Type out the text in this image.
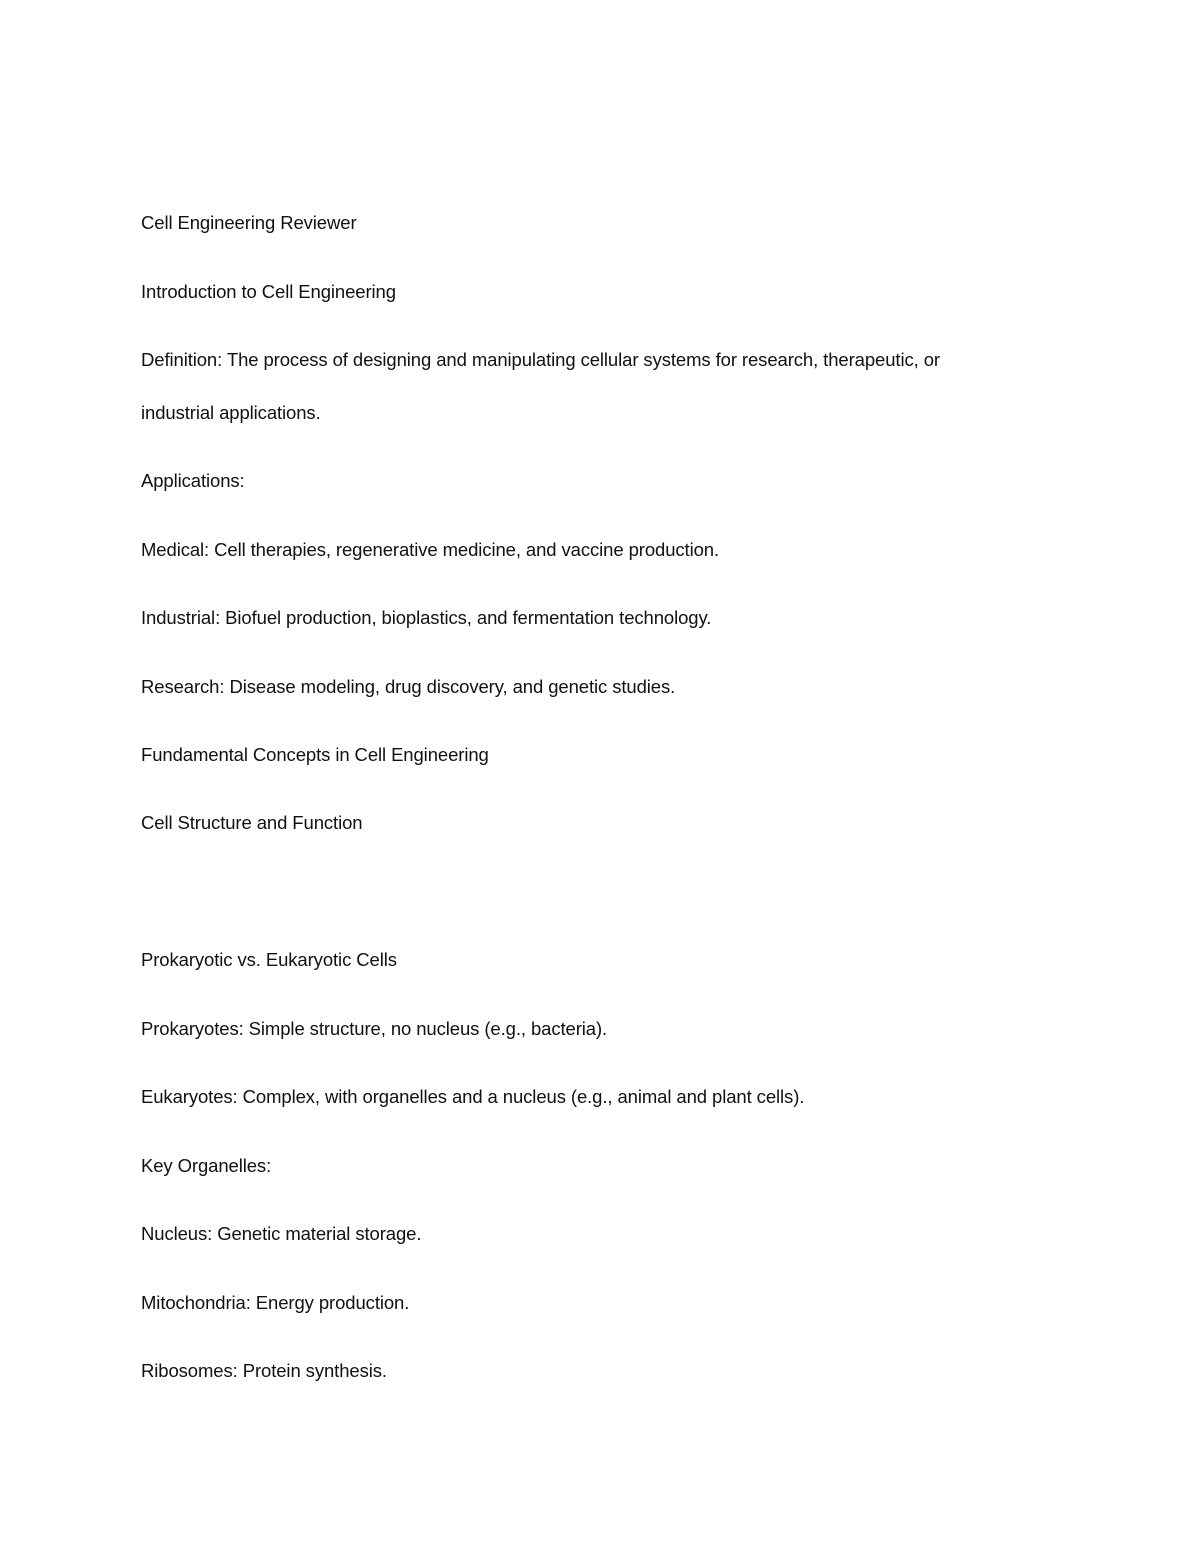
Cell Engineering Reviewer
Introduction to Cell Engineering
Definition: The process of designing and manipulating cellular systems for research, therapeutic, or
industrial applications.
Applications:
Medical: Cell therapies, regenerative medicine, and vaccine production.
Industrial: Biofuel production, bioplastics, and fermentation technology.
Research: Disease modeling, drug discovery, and genetic studies.
Fundamental Concepts in Cell Engineering
Cell Structure and Function
Prokaryotic vs. Eukaryotic Cells
Prokaryotes: Simple structure, no nucleus (e.g., bacteria).
Eukaryotes: Complex, with organelles and a nucleus (e.g., animal and plant cells).
Key Organelles:
Nucleus: Genetic material storage.
Mitochondria: Energy production.
Ribosomes: Protein synthesis.
